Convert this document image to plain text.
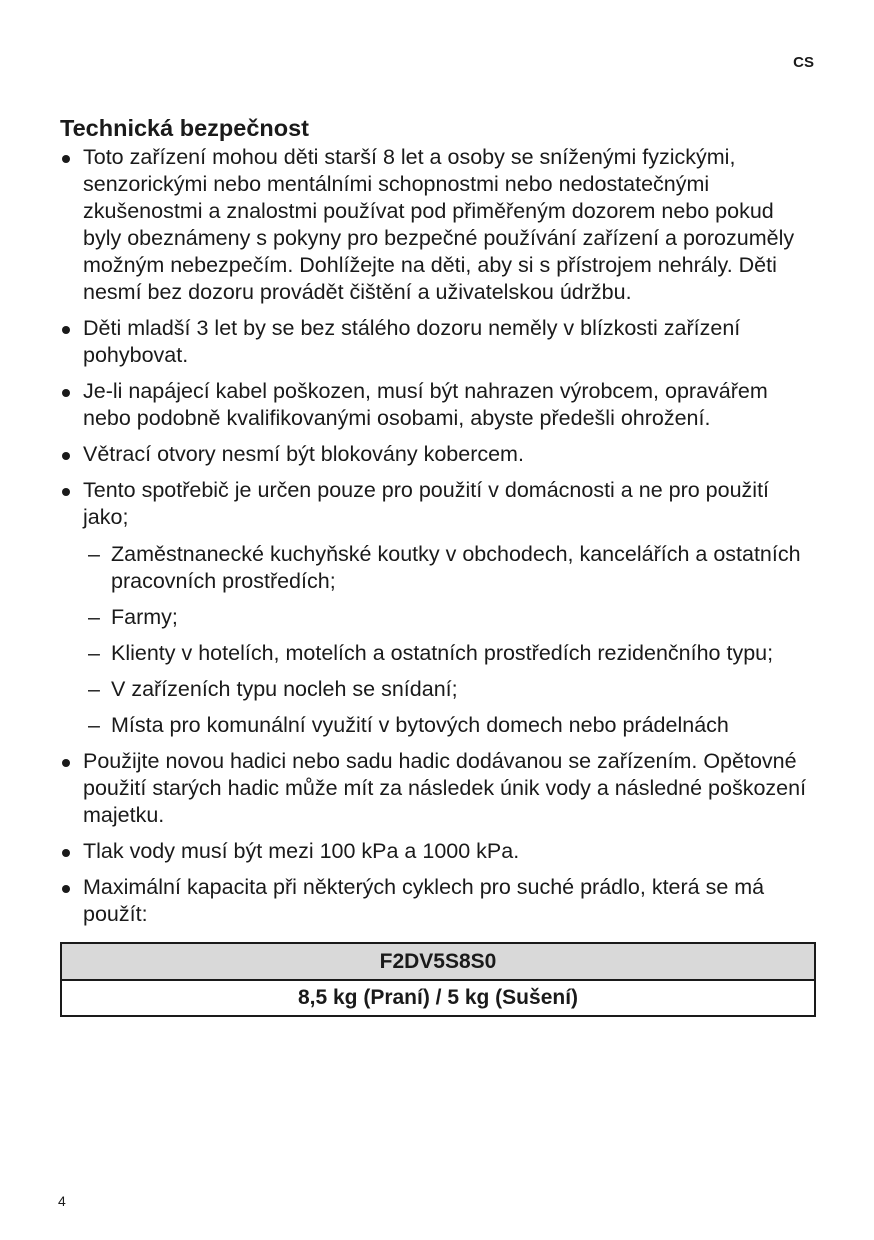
CS
Technická bezpečnost
Toto zařízení mohou děti starší 8 let a osoby se sníženými fyzickými, senzorickými nebo mentálními schopnostmi nebo nedostatečnými zkušenostmi a znalostmi používat pod přiměřeným dozorem nebo pokud byly obeznámeny s pokyny pro bezpečné používání zařízení a porozuměly možným nebezpečím. Dohlížejte na děti, aby si s přístrojem nehrály. Děti nesmí bez dozoru provádět čištění a uživatelskou údržbu.
Děti mladší 3 let by se bez stálého dozoru neměly v blízkosti zařízení pohybovat.
Je-li napájecí kabel poškozen, musí být nahrazen výrobcem, opravářem nebo podobně kvalifikovanými osobami, abyste předešli ohrožení.
Větrací otvory nesmí být blokovány kobercem.
Tento spotřebič je určen pouze pro použití v domácnosti a ne pro použití jako;
– Zaměstnanecké kuchyňské koutky v obchodech, kancelářích a ostatních pracovních prostředích;
– Farmy;
– Klienty v hotelích, motelích a ostatních prostředích rezidenčního typu;
– V zařízeních typu nocleh se snídaní;
– Místa pro komunální využití v bytových domech nebo prádelnách
Použijte novou hadici nebo sadu hadic dodávanou se zařízením. Opětovné použití starých hadic může mít za následek únik vody a následné poškození majetku.
Tlak vody musí být mezi 100 kPa a 1000 kPa.
Maximální kapacita při některých cyklech pro suché prádlo, která se má použít:
F2DV5S8S0
8,5 kg (Praní) / 5 kg (Sušení)
4
